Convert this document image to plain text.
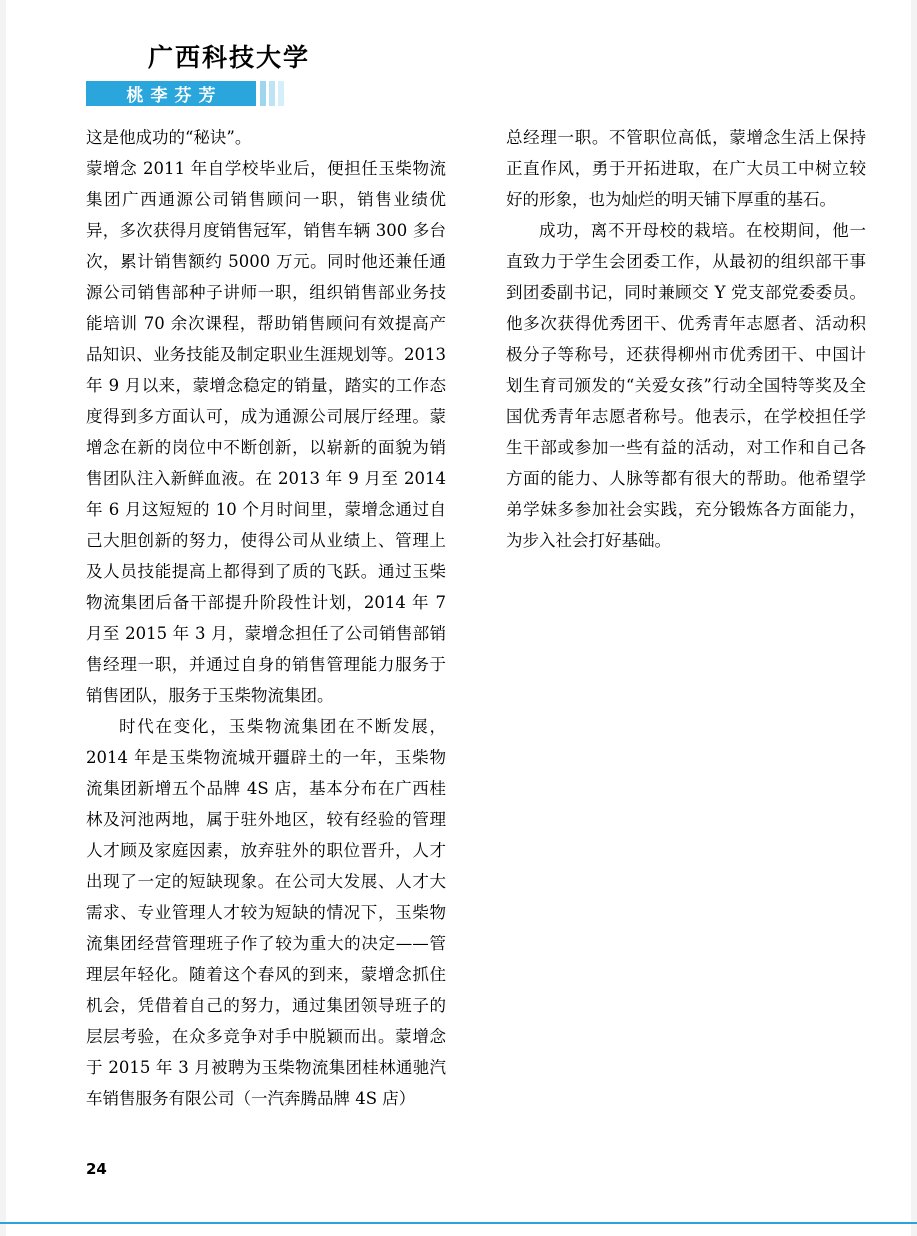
广西科技大学
桃李芬芳

这是他成功的“秘诀”。

蒙增念 2011 年自学校毕业后，便担任玉柴物流集团广西通源公司销售顾问一职，销售业绩优异，多次获得月度销售冠军，销售车辆 300 多台次，累计销售额约 5000 万元。同时他还兼任通源公司销售部种子讲师一职，组织销售部业务技能培训 70 余次课程，帮助销售顾问有效提高产品知识、业务技能及制定职业生涯规划等。2013 年 9 月以来，蒙增念稳定的销量，踏实的工作态度得到多方面认可，成为通源公司展厅经理。蒙增念在新的岗位中不断创新，以崭新的面貌为销售团队注入新鲜血液。在 2013 年 9 月至 2014 年 6 月这短短的 10 个月时间里，蒙增念通过自己大胆创新的努力，使得公司从业绩上、管理上及人员技能提高上都得到了质的飞跃。通过玉柴物流集团后备干部提升阶段性计划，2014 年 7 月至 2015 年 3 月，蒙增念担任了公司销售部销售经理一职，并通过自身的销售管理能力服务于销售团队，服务于玉柴物流集团。

时代在变化，玉柴物流集团在不断发展，2014 年是玉柴物流城开疆辟土的一年，玉柴物流集团新增五个品牌 4S 店，基本分布在广西桂林及河池两地，属于驻外地区，较有经验的管理人才顾及家庭因素，放弃驻外的职位晋升，人才出现了一定的短缺现象。在公司大发展、人才大需求、专业管理人才较为短缺的情况下，玉柴物流集团经营管理班子作了较为重大的决定——管理层年轻化。随着这个春风的到来，蒙增念抓住机会，凭借着自己的努力，通过集团领导班子的层层考验，在众多竞争对手中脱颖而出。蒙增念于 2015 年 3 月被聘为玉柴物流集团桂林通驰汽车销售服务有限公司（一汽奔腾品牌 4S 店）

总经理一职。不管职位高低，蒙增念生活上保持正直作风，勇于开拓进取，在广大员工中树立较好的形象，也为灿烂的明天铺下厚重的基石。

成功，离不开母校的栽培。在校期间，他一直致力于学生会团委工作，从最初的组织部干事到团委副书记，同时兼顾交 Y 党支部党委委员。他多次获得优秀团干、优秀青年志愿者、活动积极分子等称号，还获得柳州市优秀团干、中国计划生育司颁发的“关爱女孩”行动全国特等奖及全国优秀青年志愿者称号。他表示，在学校担任学生干部或参加一些有益的活动，对工作和自己各方面的能力、人脉等都有很大的帮助。他希望学弟学妹多参加社会实践，充分锻炼各方面能力，为步入社会打好基础。

24
